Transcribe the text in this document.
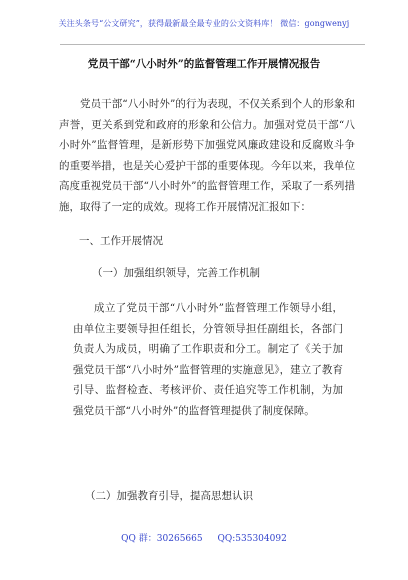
关注头条号“公文研究”，获得最新最全最专业的公文资料库！ 微信：gongwenyj
党员干部“八小时外”的监督管理工作开展情况报告

党员干部“八小时外”的行为表现，不仅关系到个人的形象和声誉，更关系到党和政府的形象和公信力。加强对党员干部“八小时外”监督管理，是新形势下加强党风廉政建设和反腐败斗争的重要举措，也是关心爱护干部的重要体现。今年以来，我单位高度重视党员干部“八小时外”的监督管理工作，采取了一系列措施，取得了一定的成效。现将工作开展情况汇报如下：

一、工作开展情况
（一）加强组织领导，完善工作机制

成立了党员干部“八小时外”监督管理工作领导小组，由单位主要领导担任组长，分管领导担任副组长，各部门负责人为成员，明确了工作职责和分工。制定了《关于加强党员干部“八小时外”监督管理的实施意见》，建立了教育引导、监督检查、考核评价、责任追究等工作机制，为加强党员干部“八小时外”的监督管理提供了制度保障。

（二）加强教育引导，提高思想认识
QQ 群：30265665 QQ:535304092
